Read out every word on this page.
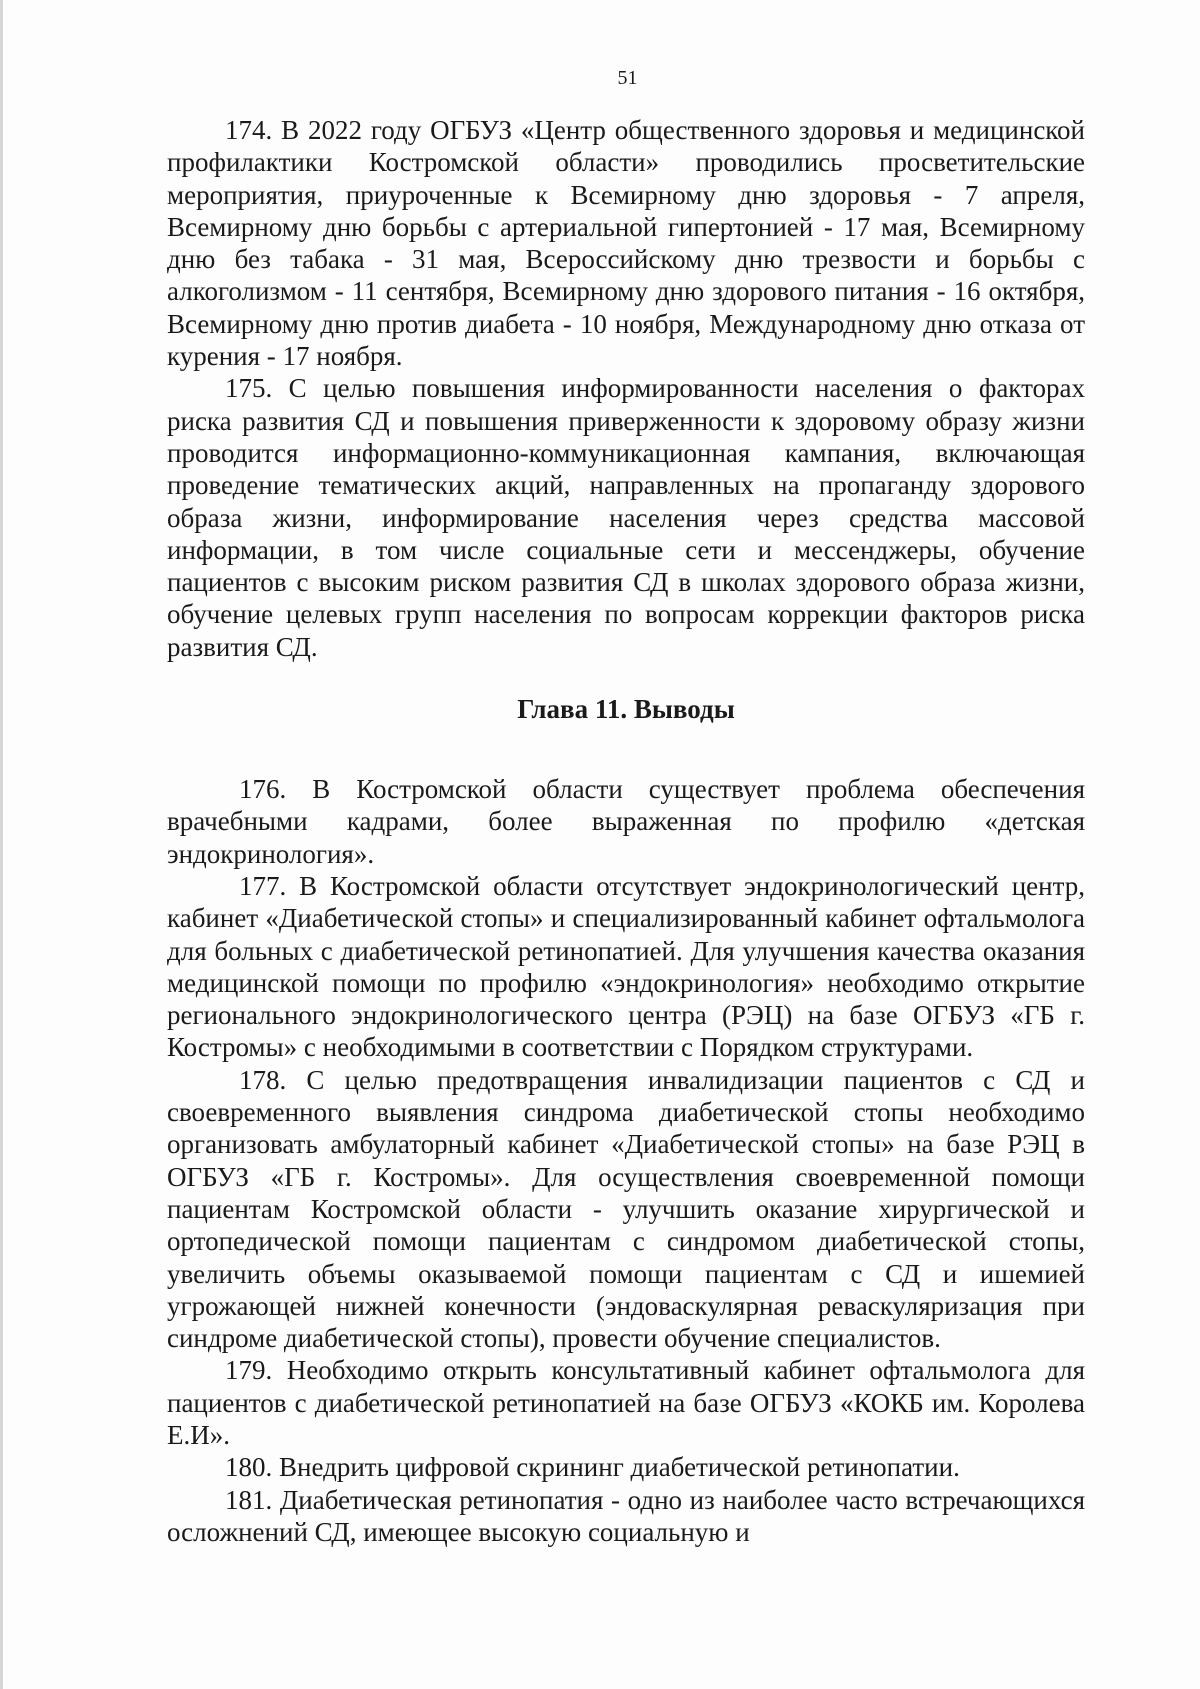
51

174. В 2022 году ОГБУЗ «Центр общественного здоровья и медицинской профилактики Костромской области» проводились просветительские мероприятия, приуроченные к Всемирному дню здоровья - 7 апреля, Всемирному дню борьбы с артериальной гипертонией - 17 мая, Всемирному дню без табака - 31 мая, Всероссийскому дню трезвости и борьбы с алкоголизмом - 11 сентября, Всемирному дню здорового питания - 16 октября, Всемирному дню против диабета - 10 ноября, Международному дню отказа от курения - 17 ноября.

175. С целью повышения информированности населения о факторах риска развития СД и повышения приверженности к здоровому образу жизни проводится информационно-коммуникационная кампания, включающая проведение тематических акций, направленных на пропаганду здорового образа жизни, информирование населения через средства массовой информации, в том числе социальные сети и мессенджеры, обучение пациентов с высоким риском развития СД в школах здорового образа жизни, обучение целевых групп населения по вопросам коррекции факторов риска развития СД.

Глава 11. Выводы

176. В Костромской области существует проблема обеспечения врачебными кадрами, более выраженная по профилю «детская эндокринология».

177. В Костромской области отсутствует эндокринологический центр, кабинет «Диабетической стопы» и специализированный кабинет офтальмолога для больных с диабетической ретинопатией. Для улучшения качества оказания медицинской помощи по профилю «эндокринология» необходимо открытие регионального эндокринологического центра (РЭЦ) на базе ОГБУЗ «ГБ г. Костромы» с необходимыми в соответствии с Порядком структурами.

178. С целью предотвращения инвалидизации пациентов с СД и своевременного выявления синдрома диабетической стопы необходимо организовать амбулаторный кабинет «Диабетической стопы» на базе РЭЦ в ОГБУЗ «ГБ г. Костромы». Для осуществления своевременной помощи пациентам Костромской области - улучшить оказание хирургической и ортопедической помощи пациентам с синдромом диабетической стопы, увеличить объемы оказываемой помощи пациентам с СД и ишемией угрожающей нижней конечности (эндоваскулярная реваскуляризация при синдроме диабетической стопы), провести обучение специалистов.

179. Необходимо открыть консультативный кабинет офтальмолога для пациентов с диабетической ретинопатией на базе ОГБУЗ «КОКБ им. Королева Е.И».

180. Внедрить цифровой скрининг диабетической ретинопатии.

181. Диабетическая ретинопатия - одно из наиболее часто встречающихся осложнений СД, имеющее высокую социальную и
